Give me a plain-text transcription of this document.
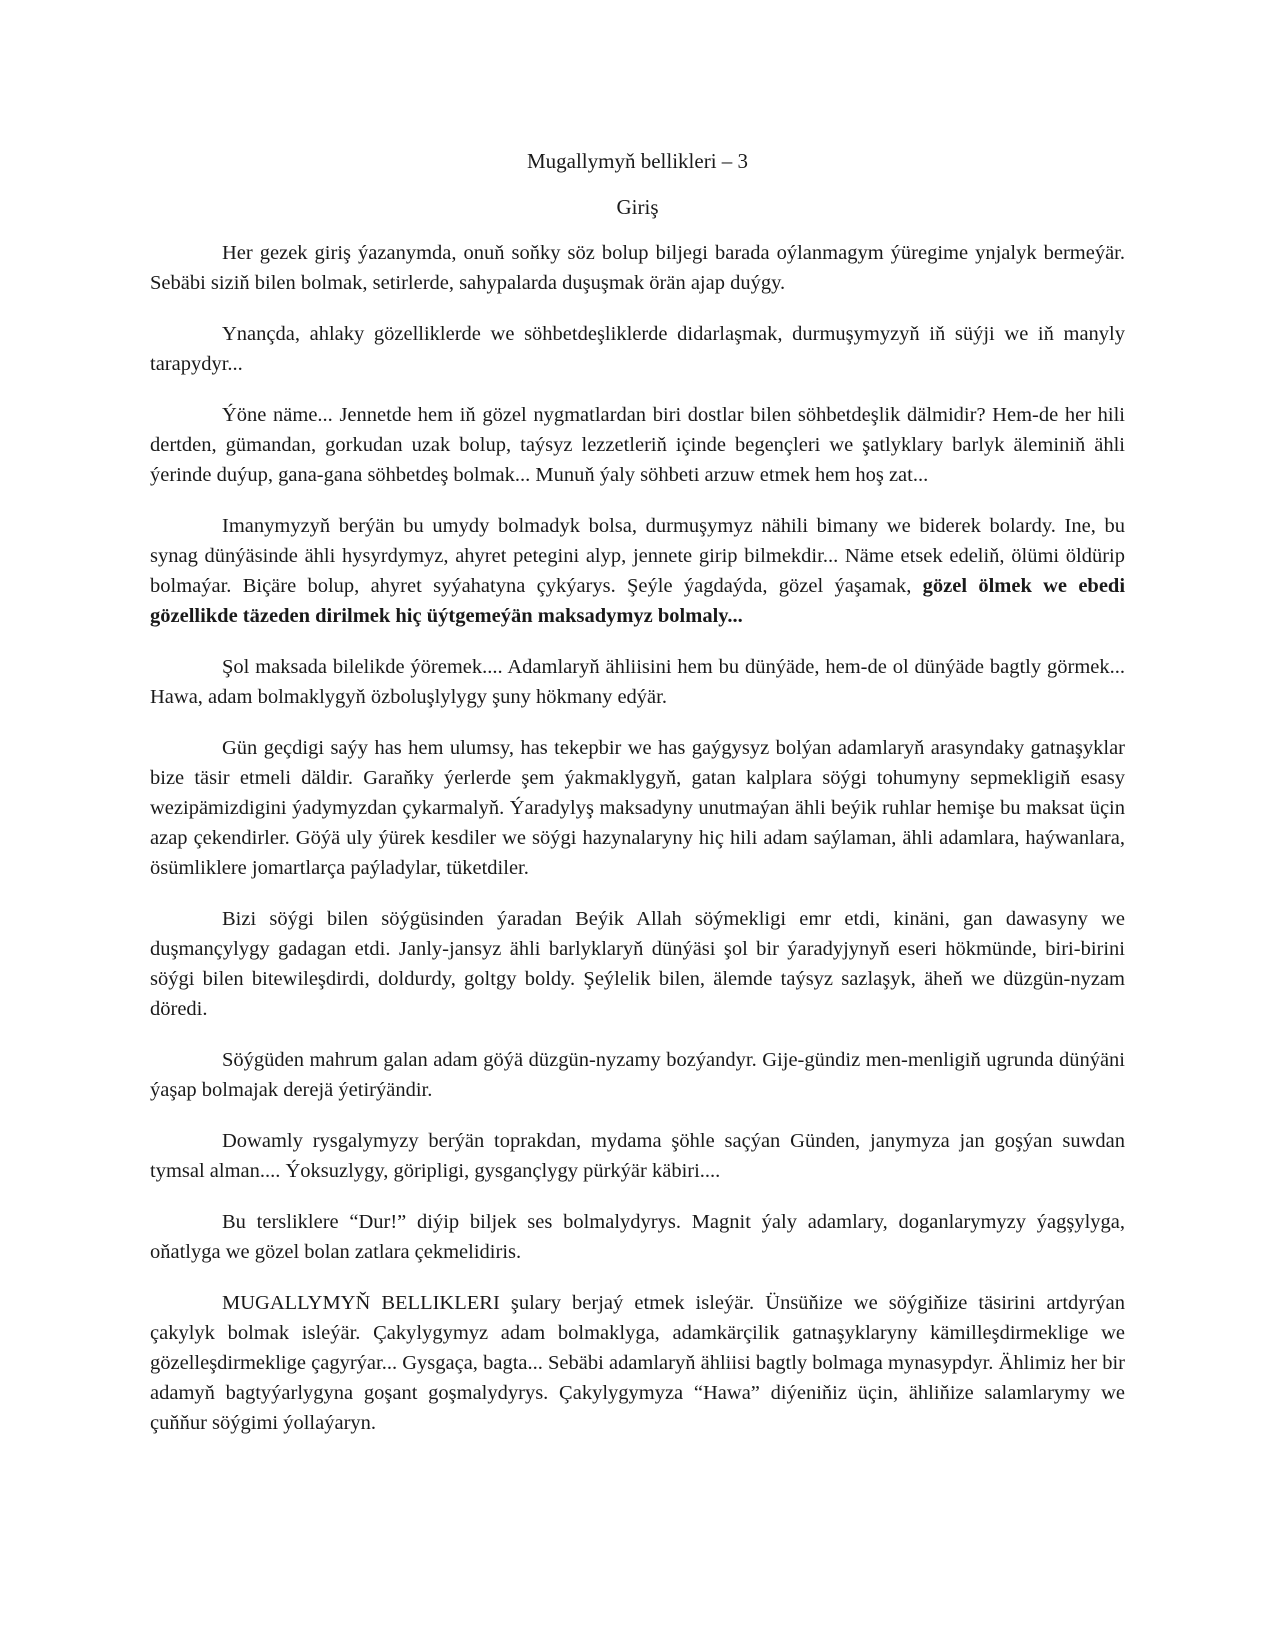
Mugallymyň bellikleri – 3
Giriş

Her gezek giriş ýazanymda, onuň soňky söz bolup biljegi barada oýlanmagym ýüregime ynjalyk bermeýär. Sebäbi siziň bilen bolmak, setirlerde, sahypalarda duşuşmak örän ajap duýgy.

Ynançda, ahlaky gözelliklerde we söhbetdeşliklerde didarlaşmak, durmuşymyzyň iň süýji we iň manyly tarapydyr...

Ýöne näme... Jennetde hem iň gözel nygmatlardan biri dostlar bilen söhbetdeşlik dälmidir? Hem-de her hili dertden, gümandan, gorkudan uzak bolup, taýsyz lezzetleriň içinde begençleri we şatlyklary barlyk äleminiň ähli ýerinde duýup, gana-gana söhbetdeş bolmak... Munuň ýaly söhbeti arzuw etmek hem hoş zat...

Imanymyzyň berýän bu umydy bolmadyk bolsa, durmuşymyz nähili bimany we biderek bolardy. Ine, bu synag dünýäsinde ähli hysyrdymyz, ahyret petegini alyp, jennete girip bilmekdir... Näme etsek edeliň, ölümi öldürip bolmaýar. Biçäre bolup, ahyret syýahatyna çykýarys. Şeýle ýagdaýda, gözel ýaşamak, gözel ölmek we ebedi gözellikde täzeden dirilmek hiç üýtgemeýän maksadymyz bolmaly...

Şol maksada bilelikde ýöremek.... Adamlaryň ähliisini hem bu dünýäde, hem-de ol dünýäde bagtly görmek... Hawa, adam bolmaklygyň özboluşlylygy şuny hökmany edýär.

Gün geçdigi saýy has hem ulumsy, has tekepbir we has gaýgysyz bolýan adamlaryň arasyndaky gatnaşyklar bize täsir etmeli däldir. Garaňky ýerlerde şem ýakmaklygyň, gatan kalplara söýgi tohumyny sepmekligiň esasy wezipämizdigini ýadymyzdan çykarmalyň. Ýaradylyş maksadyny unutmaýan ähli beýik ruhlar hemişe bu maksat üçin azap çekendirler. Göýä uly ýürek kesdiler we söýgi hazynalaryny hiç hili adam saýlaman, ähli adamlara, haýwanlara, ösümliklere jomartlarça paýladylar, tüketdiler.

Bizi söýgi bilen söýgüsinden ýaradan Beýik Allah söýmekligi emr etdi, kinäni, gan dawasyny we duşmançylygy gadagan etdi. Janly-jansyz ähli barlyklaryň dünýäsi şol bir ýaradyjynyň eseri hökmünde, biri-birini söýgi bilen bitewileşdirdi, doldurdy, goltgy boldy. Şeýlelik bilen, älemde taýsyz sazlaşyk, äheň we düzgün-nyzam döredi.

Söýgüden mahrum galan adam göýä düzgün-nyzamy bozýandyr. Gije-gündiz men-menligiň ugrunda dünýäni ýaşap bolmajak derejä ýetirýändir.

Dowamly rysgalymyzy berýän toprakdan, mydama şöhle saçýan Günden, janymyza jan goşýan suwdan tymsal alman.... Ýoksuzlygy, göripligi, gysgançlygy pürkýär käbiri....

Bu tersliklere “Dur!” diýip biljek ses bolmalydyrys. Magnit ýaly adamlary, doganlarymyzy ýagşylyga, oňatlyga we gözel bolan zatlara çekmelidiris.

MUGALLYMYŇ BELLIKLERI şulary berjaý etmek isleýär. Ünsüňize we söýgiňize täsirini artdyrýan çakylyk bolmak isleýär. Çakylygymyz adam bolmaklyga, adamkärçilik gatnaşyklaryny kämilleşdirmeklige we gözelleşdirmeklige çagyrýar... Gysgaça, bagta... Sebäbi adamlaryň ähliisi bagtly bolmaga mynasypdyr. Ählimiz her bir adamyň bagtyýarlygyna goşant goşmalydyrys. Çakylygymyza “Hawa” diýeniňiz üçin, ähliňize salamlarymy we çuňňur söýgimi ýollaýaryn.
